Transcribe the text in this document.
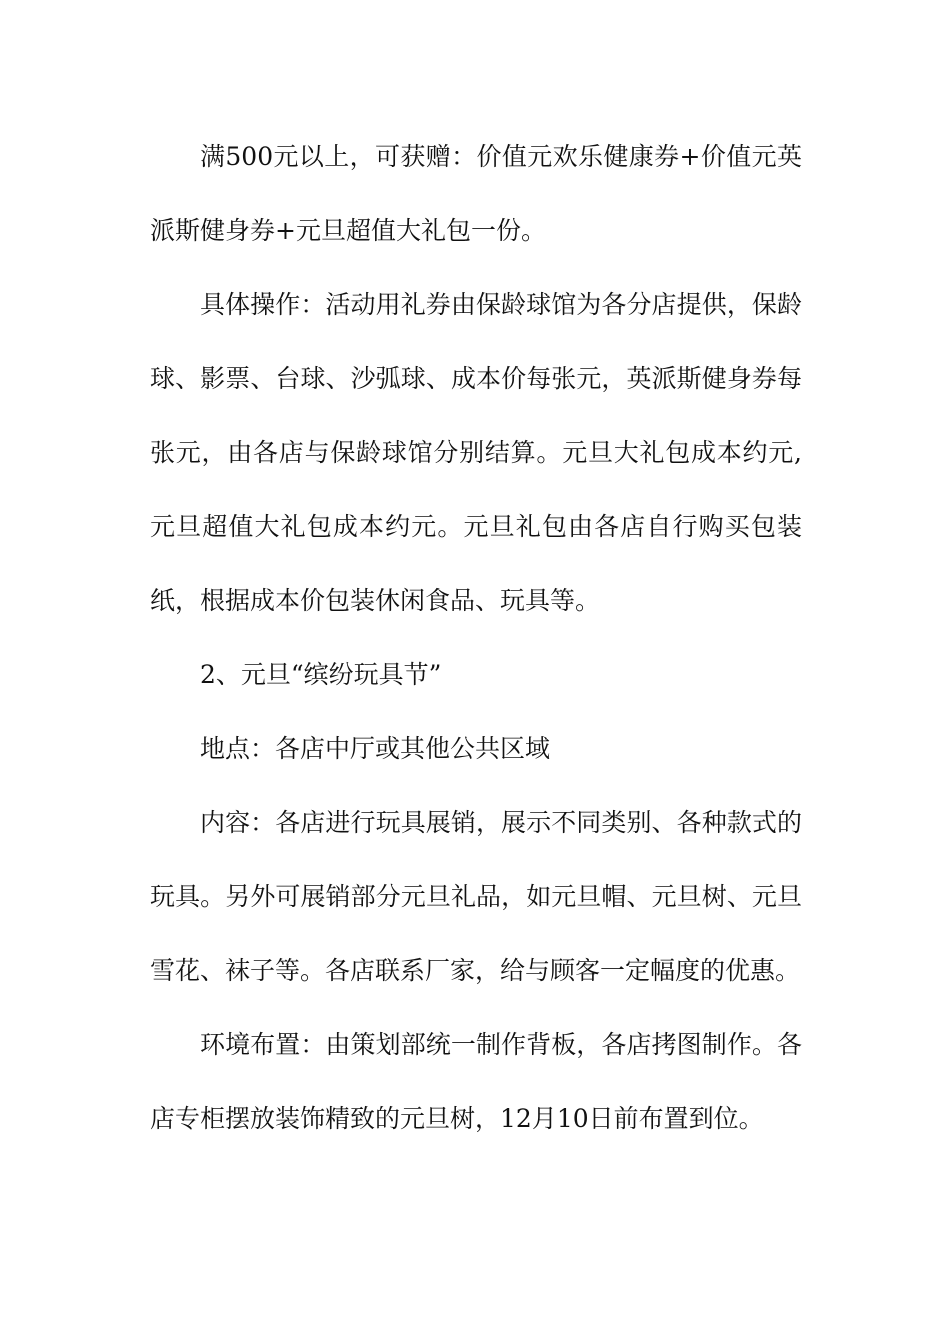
满500元以上，可获赠：价值元欢乐健康券+价值元英派斯健身券+元旦超值大礼包一份。

具体操作：活动用礼券由保龄球馆为各分店提供，保龄球、影票、台球、沙弧球、成本价每张元，英派斯健身券每张元，由各店与保龄球馆分别结算。元旦大礼包成本约元,元旦超值大礼包成本约元。元旦礼包由各店自行购买包装纸，根据成本价包装休闲食品、玩具等。

2、元旦“缤纷玩具节”

地点：各店中厅或其他公共区域

内容：各店进行玩具展销，展示不同类别、各种款式的玩具。另外可展销部分元旦礼品，如元旦帽、元旦树、元旦雪花、袜子等。各店联系厂家，给与顾客一定幅度的优惠。

环境布置：由策划部统一制作背板，各店拷图制作。各店专柜摆放装饰精致的元旦树，12月10日前布置到位。
